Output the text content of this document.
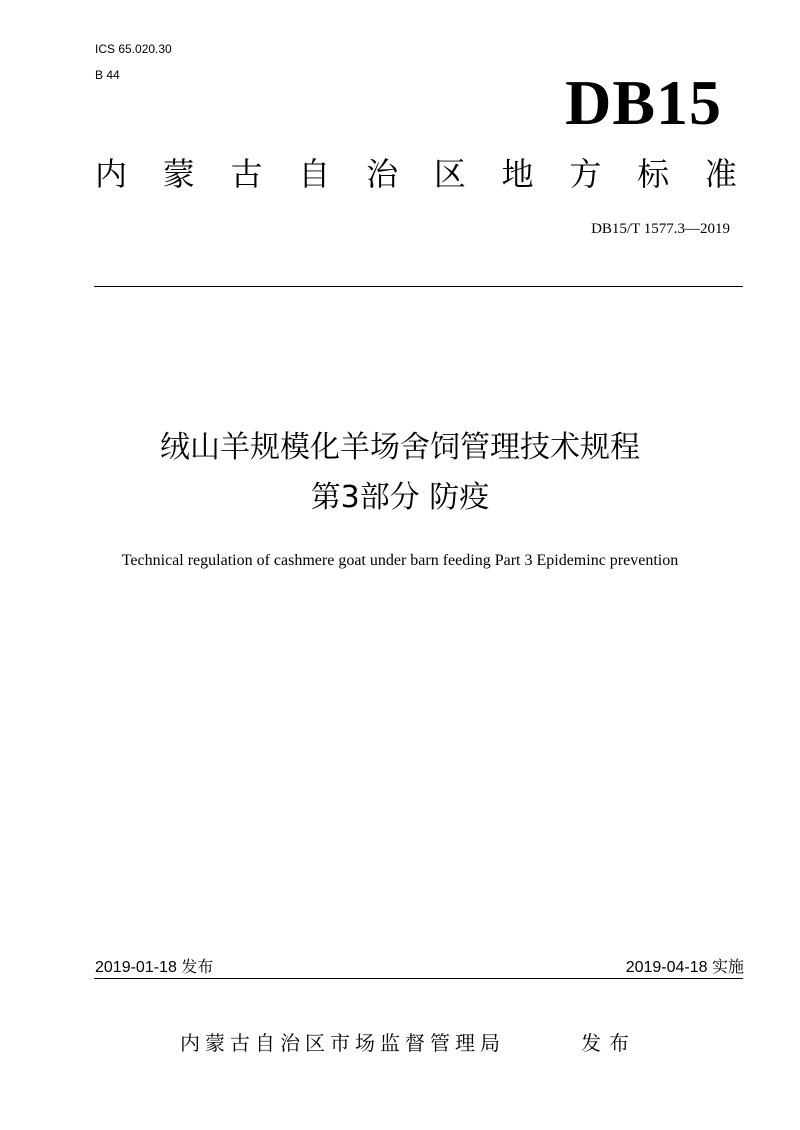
ICS 65.020.30
B 44	DB15
内 蒙 古 自 治 区 地 方 标 准
DB15/T 1577.3—2019
绒山羊规模化羊场舍饲管理技术规程
第3部分 防疫
Technical regulation of cashmere goat under barn feeding Part 3 Epideminc prevention
2019-01-18 发布	2019-04-18 实施
内蒙古自治区市场监督管理局	发布
